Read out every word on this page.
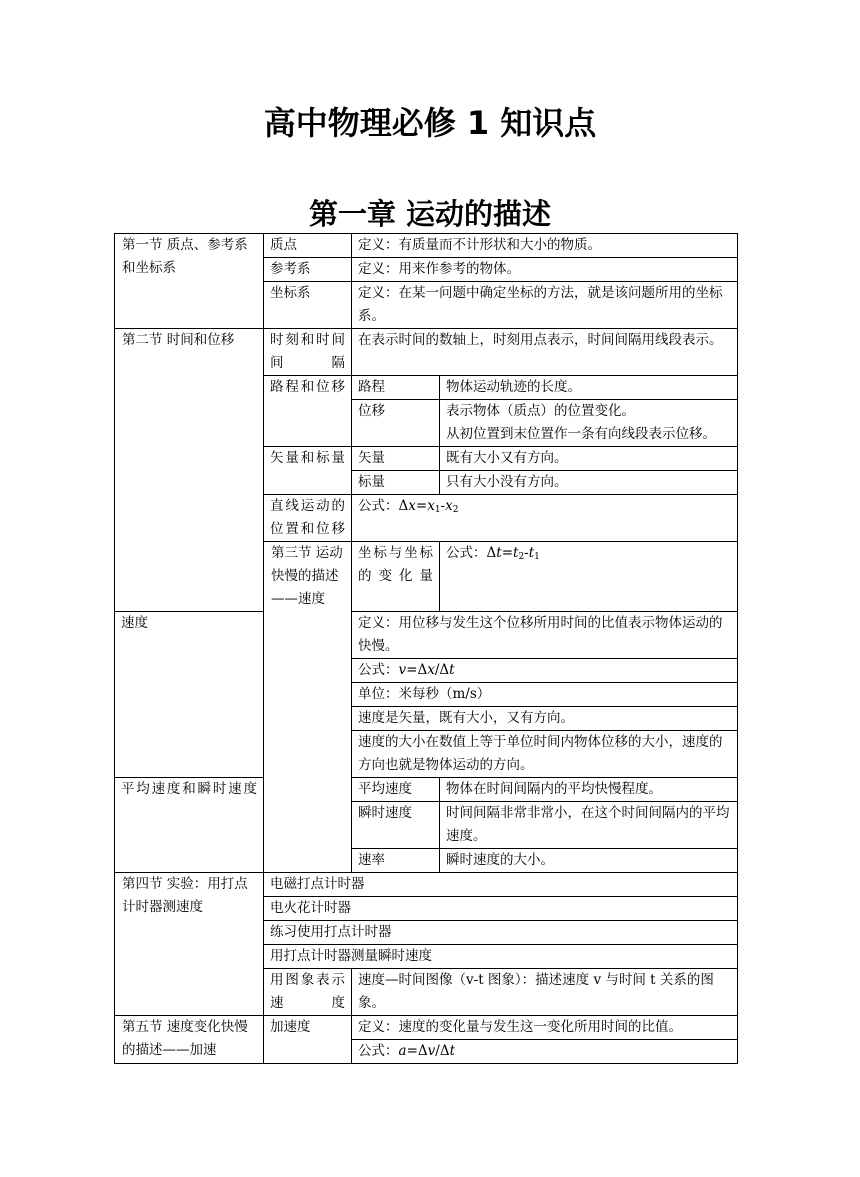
高中物理必修 1 知识点
第一章 运动的描述
第一节 质点、参考系和坐标系	质点	定义：有质量而不计形状和大小的物质。	
	参考系	定义：用来作参考的物体。	
	坐标系	定义：在某一问题中确定坐标的方法，就是该问题所用的坐标系。	
第二节 时间和位移	时刻和时间间隔	在表示时间的数轴上，时刻用点表示，时间间隔用线段表示。	
	路程和位移	路程	物体运动轨迹的长度。
		位移	表示物体（质点）的位置变化。
从初位置到末位置作一条有向线段表示位移。
	矢量和标量	矢量	既有大小又有方向。
		标量	只有大小没有方向。
	直线运动的位置和位移	公式：$\Delta x=x_1-x_2$
	第三节 运动快慢的描述——速度	坐标与坐标的变化量	公式：$\Delta t=t_2-t_1$
速度		定义：用位移与发生这个位移所用时间的比值表示物体运动的快慢。	
		公式：v=Δx/Δt	
		单位：米每秒（m/s）	
		速度是矢量，既有大小，又有方向。	
		速度的大小在数值上等于单位时间内物体位移的大小，速度的方向也就是物体运动的方向。	
平均速度和瞬时速度		平均速度	物体在时间间隔内的平均快慢程度。
		瞬时速度	时间间隔非常非常小，在这个时间间隔内的平均速度。
		速率	瞬时速度的大小。
第四节 实验：用打点计时器测速度	电磁打点计时器		
	电火花计时器		
	练习使用打点计时器		
	用打点计时器测量瞬时速度		
	用图象表示速度	速度—时间图像（v-t 图象）：描述速度 v 与时间 t 关系的图象。	
第五节 速度变化快慢的描述——加速	加速度	定义：速度的变化量与发生这一变化所用时间的比值。	
		公式：a=Δv/Δt	
